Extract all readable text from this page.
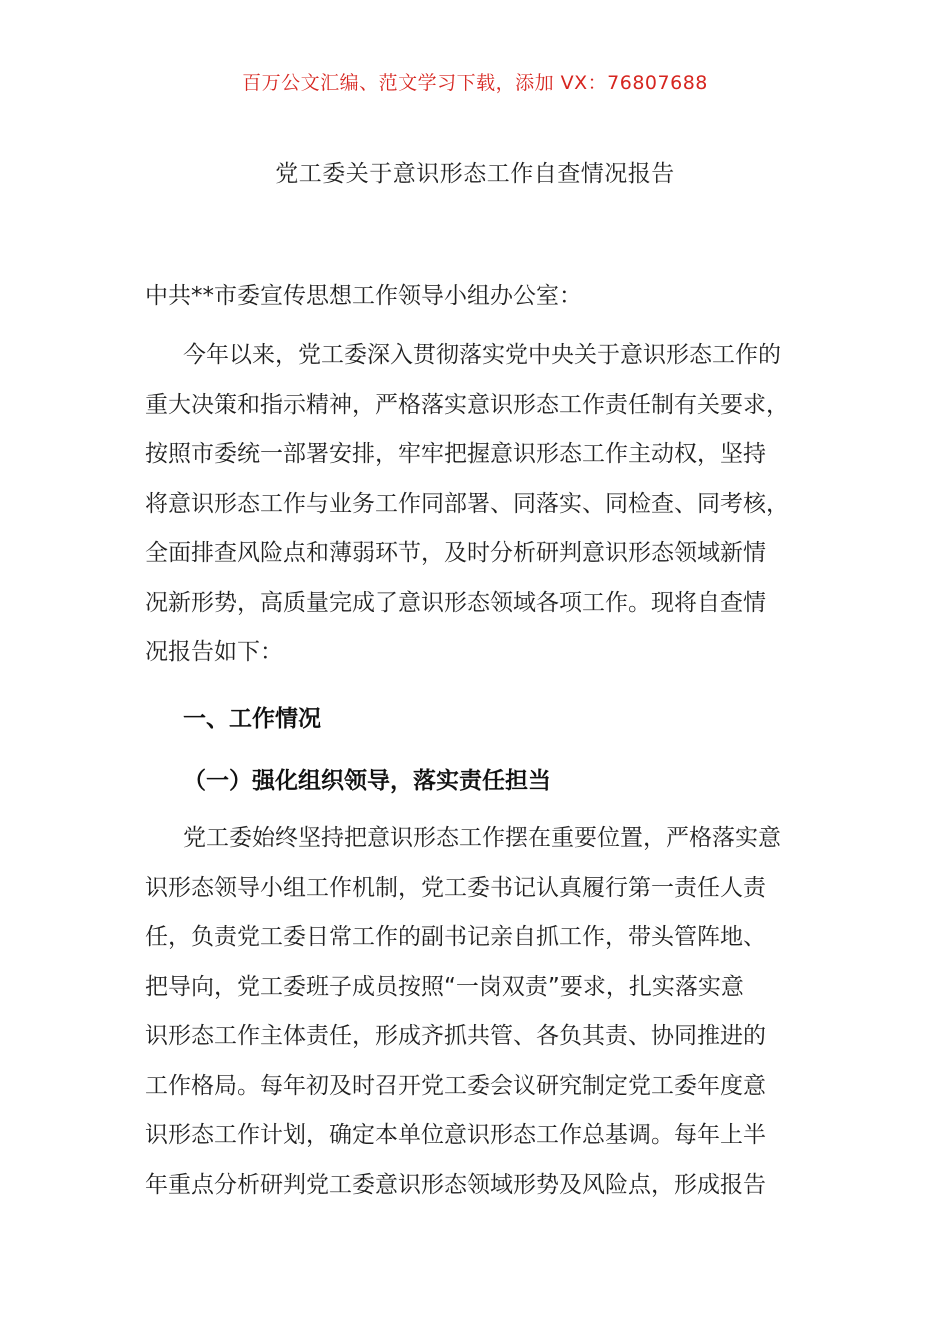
百万公文汇编、范文学习下载，添加 VX：76807688
党工委关于意识形态工作自查情况报告
中共**市委宣传思想工作领导小组办公室：
今年以来，党工委深入贯彻落实党中央关于意识形态工作的
重大决策和指示精神，严格落实意识形态工作责任制有关要求，
按照市委统一部署安排，牢牢把握意识形态工作主动权，坚持
将意识形态工作与业务工作同部署、同落实、同检查、同考核，
全面排查风险点和薄弱环节，及时分析研判意识形态领域新情
况新形势，高质量完成了意识形态领域各项工作。现将自查情
况报告如下：
一、工作情况
（一）强化组织领导，落实责任担当
党工委始终坚持把意识形态工作摆在重要位置，严格落实意
识形态领导小组工作机制，党工委书记认真履行第一责任人责
任，负责党工委日常工作的副书记亲自抓工作，带头管阵地、
把导向，党工委班子成员按照“一岗双责”要求，扎实落实意
识形态工作主体责任，形成齐抓共管、各负其责、协同推进的
工作格局。每年初及时召开党工委会议研究制定党工委年度意
识形态工作计划，确定本单位意识形态工作总基调。每年上半
年重点分析研判党工委意识形态领域形势及风险点，形成报告
